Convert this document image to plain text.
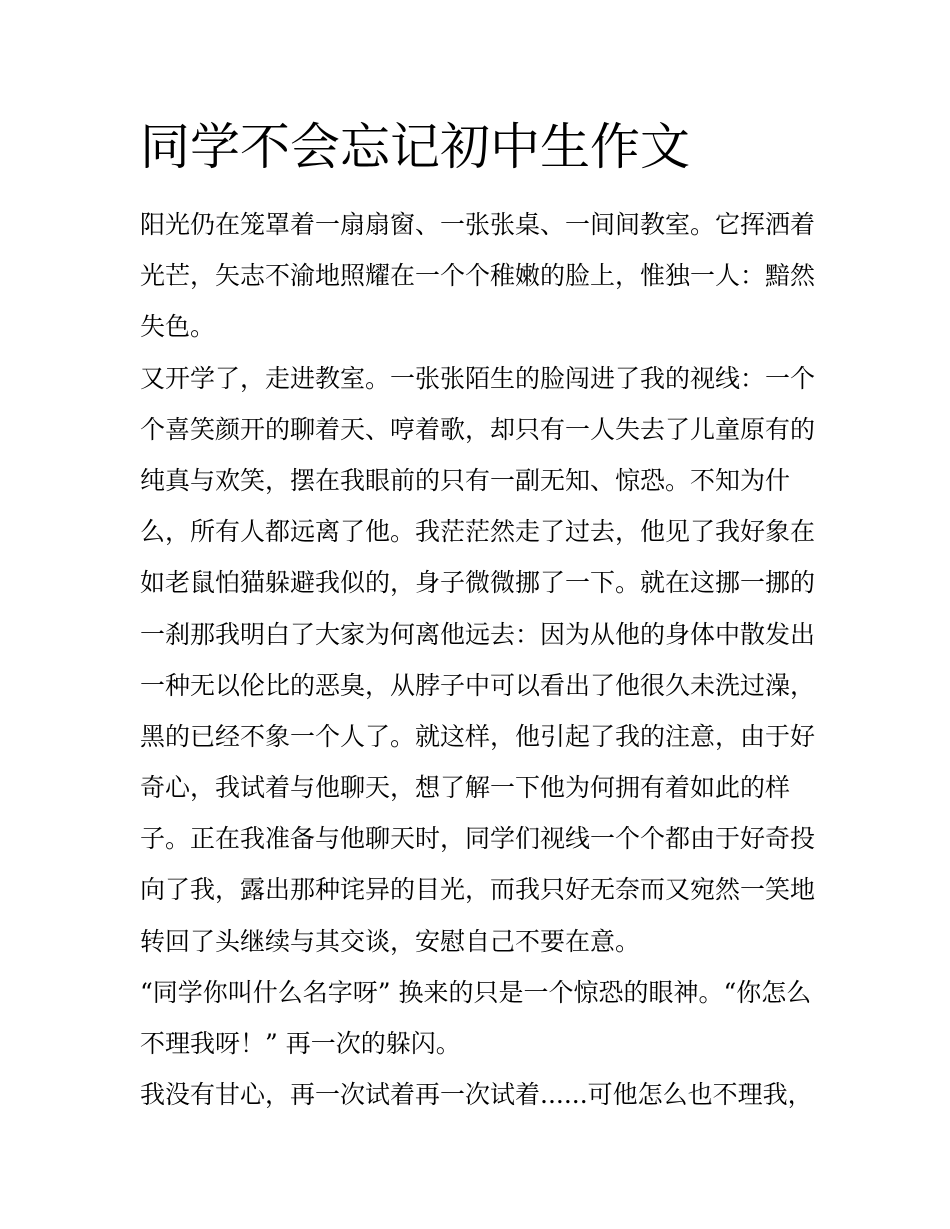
同学不会忘记初中生作文
阳光仍在笼罩着一扇扇窗、一张张桌、一间间教室。它挥洒着
光芒，矢志不渝地照耀在一个个稚嫩的脸上，惟独一人：黯然
失色。
又开学了，走进教室。一张张陌生的脸闯进了我的视线：一个
个喜笑颜开的聊着天、哼着歌，却只有一人失去了儿童原有的
纯真与欢笑，摆在我眼前的只有一副无知、惊恐。不知为什
么，所有人都远离了他。我茫茫然走了过去，他见了我好象在
如老鼠怕猫躲避我似的，身子微微挪了一下。就在这挪一挪的
一刹那我明白了大家为何离他远去：因为从他的身体中散发出
一种无以伦比的恶臭，从脖子中可以看出了他很久未洗过澡，
黑的已经不象一个人了。就这样，他引起了我的注意，由于好
奇心，我试着与他聊天，想了解一下他为何拥有着如此的样
子。正在我准备与他聊天时，同学们视线一个个都由于好奇投
向了我，露出那种诧异的目光，而我只好无奈而又宛然一笑地
转回了头继续与其交谈，安慰自己不要在意。
“同学你叫什么名字呀” 换来的只是一个惊恐的眼神。“你怎么
不理我呀！” 再一次的躲闪。
我没有甘心，再一次试着再一次试着......可他怎么也不理我，
